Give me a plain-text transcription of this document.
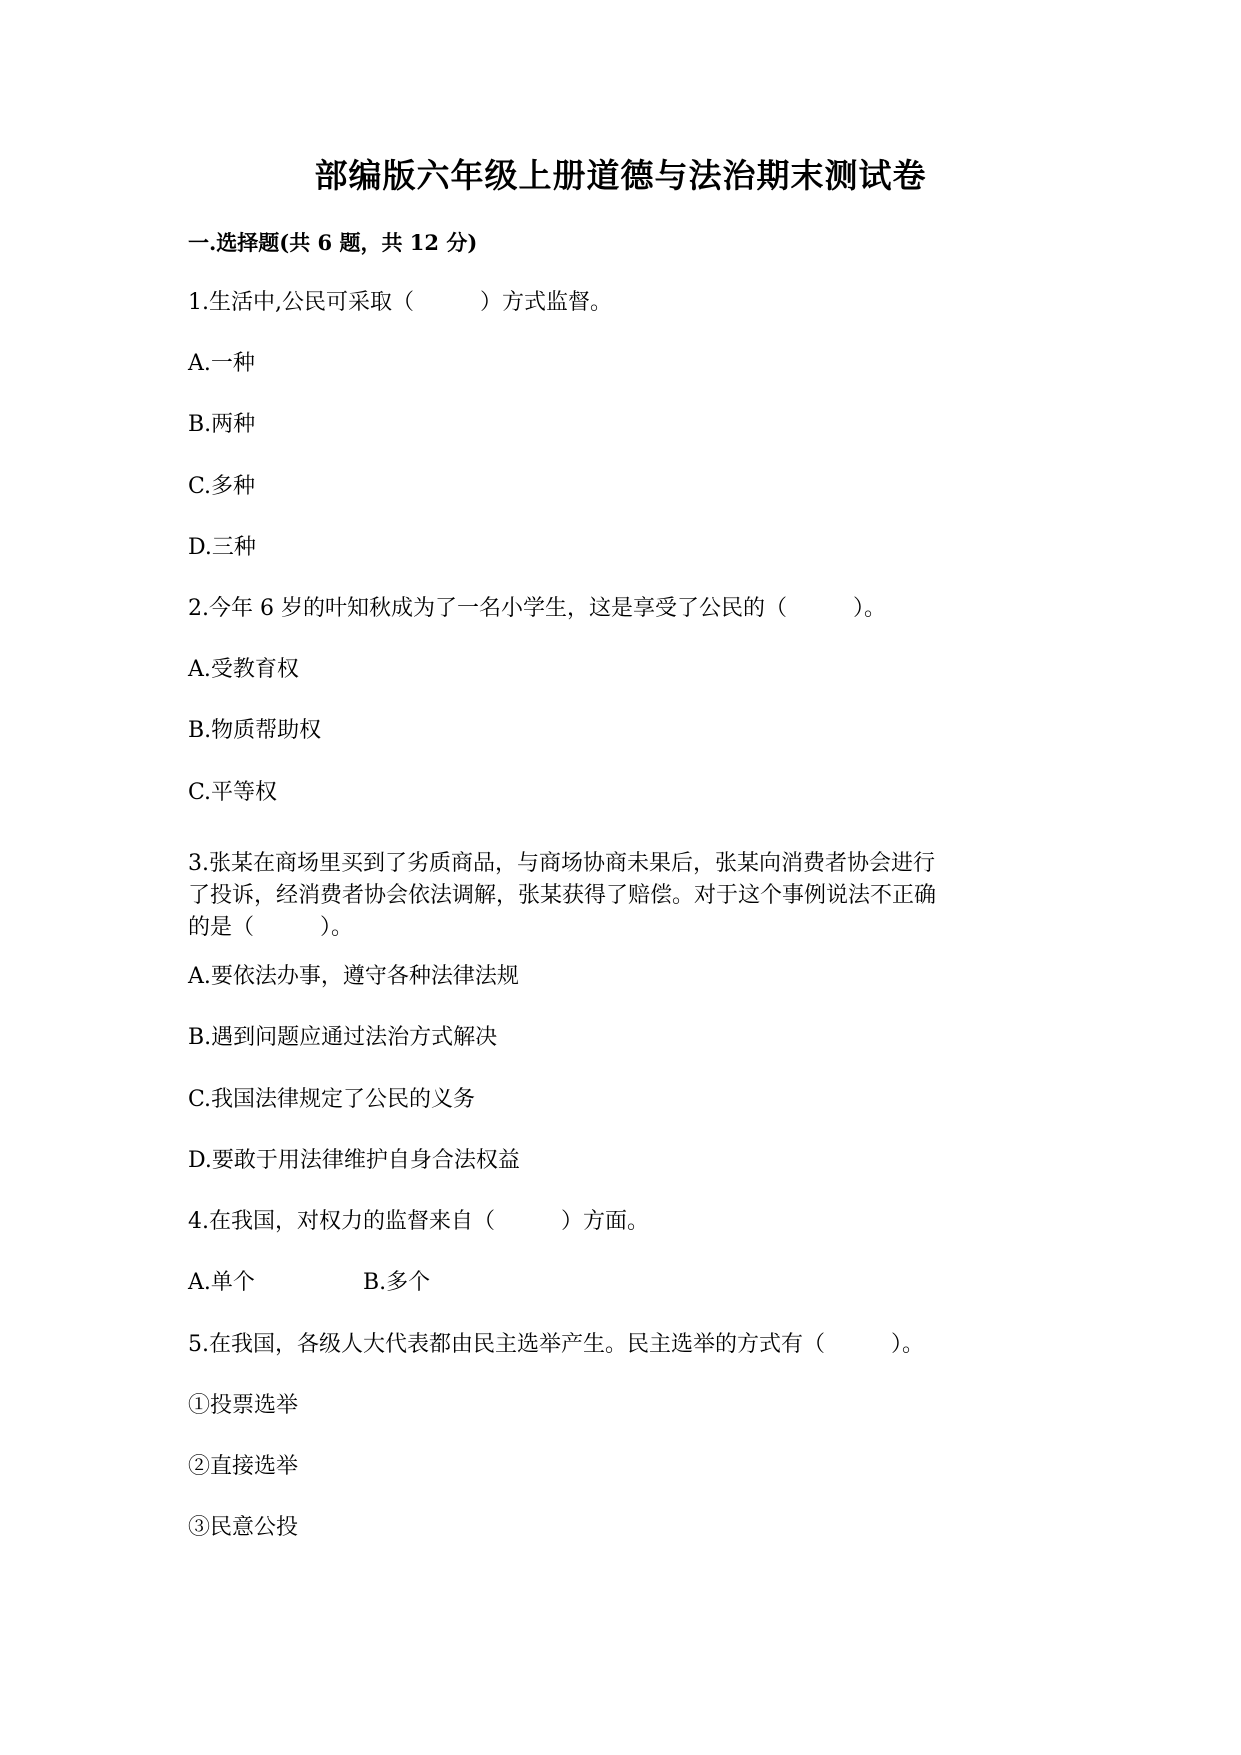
部编版六年级上册道德与法治期末测试卷
一.选择题(共 6 题，共 12 分)
1.生活中,公民可采取（　　　）方式监督。
A.一种
B.两种
C.多种
D.三种
2.今年 6 岁的叶知秋成为了一名小学生，这是享受了公民的（　　　）。
A.受教育权
B.物质帮助权
C.平等权
3.张某在商场里买到了劣质商品，与商场协商未果后，张某向消费者协会进行
了投诉，经消费者协会依法调解，张某获得了赔偿。对于这个事例说法不正确
的是（　　　）。
A.要依法办事，遵守各种法律法规
B.遇到问题应通过法治方式解决
C.我国法律规定了公民的义务
D.要敢于用法律维护自身合法权益
4.在我国，对权力的监督来自（　　　）方面。
A.单个	B.多个
5.在我国，各级人大代表都由民主选举产生。民主选举的方式有（　　　）。
①投票选举
②直接选举
③民意公投
